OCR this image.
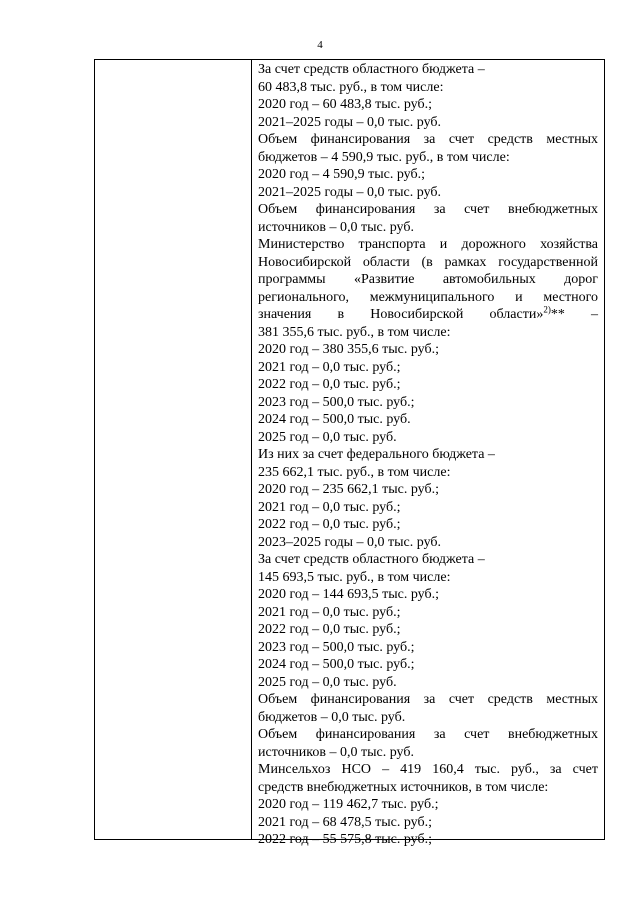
4
За счет средств областного бюджета –
60 483,8 тыс. руб., в том числе:
2020 год – 60 483,8 тыс. руб.;
2021–2025 годы – 0,0 тыс. руб.
Объем финансирования за счет средств местных
бюджетов – 4 590,9 тыс. руб., в том числе:
2020 год – 4 590,9 тыс. руб.;
2021–2025 годы – 0,0 тыс. руб.
Объем финансирования за счет внебюджетных
источников – 0,0 тыс. руб.
Министерство транспорта и дорожного хозяйства
Новосибирской области (в рамках государственной
программы «Развитие автомобильных дорог
регионального, межмуниципального и местного
значения в Новосибирской области»$^{2)}$** –
381 355,6 тыс. руб., в том числе:
2020 год – 380 355,6 тыс. руб.;
2021 год – 0,0 тыс. руб.;
2022 год – 0,0 тыс. руб.;
2023 год – 500,0 тыс. руб.;
2024 год – 500,0 тыс. руб.
2025 год – 0,0 тыс. руб.
Из них за счет федерального бюджета –
235 662,1 тыс. руб., в том числе:
2020 год – 235 662,1 тыс. руб.;
2021 год – 0,0 тыс. руб.;
2022 год – 0,0 тыс. руб.;
2023–2025 годы – 0,0 тыс. руб.
За счет средств областного бюджета –
145 693,5 тыс. руб., в том числе:
2020 год – 144 693,5 тыс. руб.;
2021 год – 0,0 тыс. руб.;
2022 год – 0,0 тыс. руб.;
2023 год – 500,0 тыс. руб.;
2024 год – 500,0 тыс. руб.;
2025 год – 0,0 тыс. руб.
Объем финансирования за счет средств местных
бюджетов – 0,0 тыс. руб.
Объем финансирования за счет внебюджетных
источников – 0,0 тыс. руб.
Минсельхоз НСО – 419 160,4 тыс. руб., за счет
средств внебюджетных источников, в том числе:
2020 год – 119 462,7 тыс. руб.;
2021 год – 68 478,5 тыс. руб.;
2022 год – 55 575,8 тыс. руб.;
